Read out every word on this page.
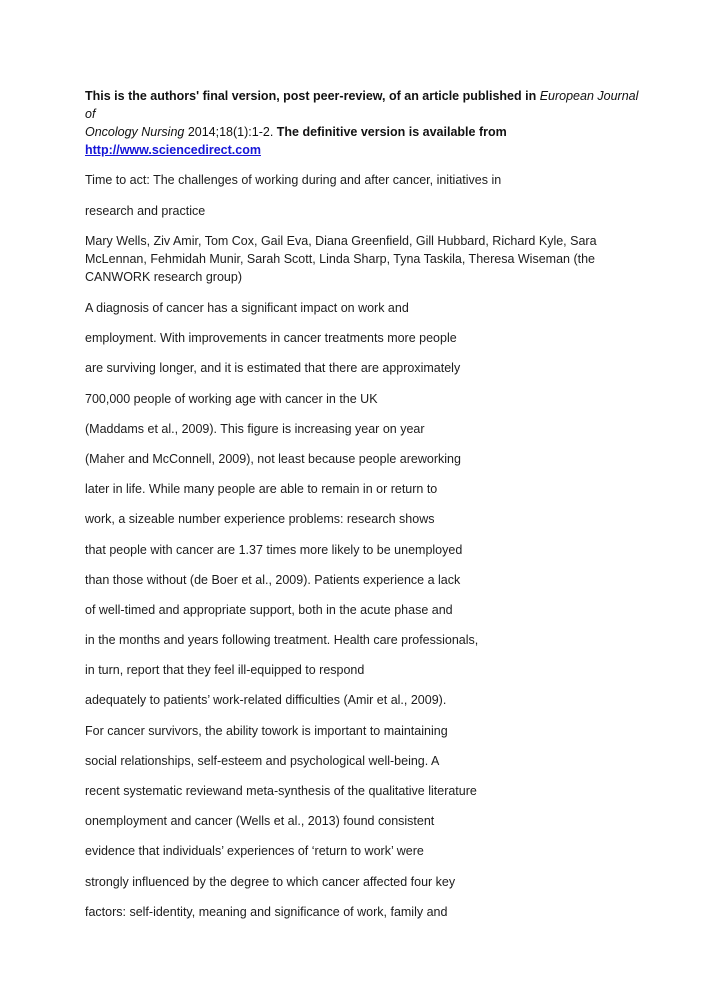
This is the authors' final version, post peer-review, of an article published in European Journal of
Oncology Nursing 2014;18(1):1-2. The definitive version is available from
http://www.sciencedirect.com
Time to act: The challenges of working during and after cancer, initiatives in
research and practice
Mary Wells, Ziv Amir, Tom Cox, Gail Eva, Diana Greenfield, Gill Hubbard, Richard Kyle, Sara
McLennan, Fehmidah Munir, Sarah Scott, Linda Sharp, Tyna Taskila, Theresa Wiseman (the
CANWORK research group)
A diagnosis of cancer has a significant impact on work and
employment. With improvements in cancer treatments more people
are surviving longer, and it is estimated that there are approximately
700,000 people of working age with cancer in the UK
(Maddams et al., 2009). This figure is increasing year on year
(Maher and McConnell, 2009), not least because people areworking
later in life. While many people are able to remain in or return to
work, a sizeable number experience problems: research shows
that people with cancer are 1.37 times more likely to be unemployed
than those without (de Boer et al., 2009). Patients experience a lack
of well-timed and appropriate support, both in the acute phase and
in the months and years following treatment. Health care professionals,
in turn, report that they feel ill-equipped to respond
adequately to patients’ work-related difficulties (Amir et al., 2009).
For cancer survivors, the ability towork is important to maintaining
social relationships, self-esteem and psychological well-being. A
recent systematic reviewand meta-synthesis of the qualitative literature
onemployment and cancer (Wells et al., 2013) found consistent
evidence that individuals’ experiences of ‘return to work’ were
strongly influenced by the degree to which cancer affected four key
factors: self-identity, meaning and significance of work, family and
